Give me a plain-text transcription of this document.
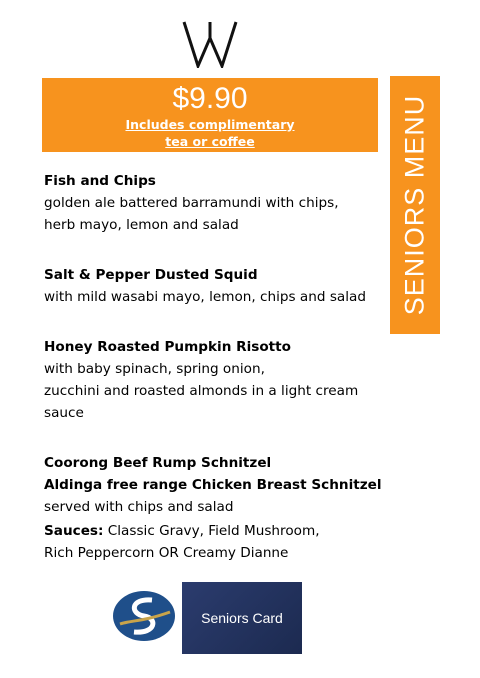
$9.90
Includes complimentary
tea or coffee	SENIORS MENU
Fish and Chips
golden ale battered barramundi with chips,
herb mayo, lemon and salad
Salt & Pepper Dusted Squid
with mild wasabi mayo, lemon, chips and salad
Honey Roasted Pumpkin Risotto
with baby spinach, spring onion,
zucchini and roasted almonds in a light cream
sauce
Coorong Beef Rump Schnitzel
Aldinga free range Chicken Breast Schnitzel
served with chips and salad
Sauces: Classic Gravy, Field Mushroom,
Rich Peppercorn OR Creamy Dianne
Seniors Card
